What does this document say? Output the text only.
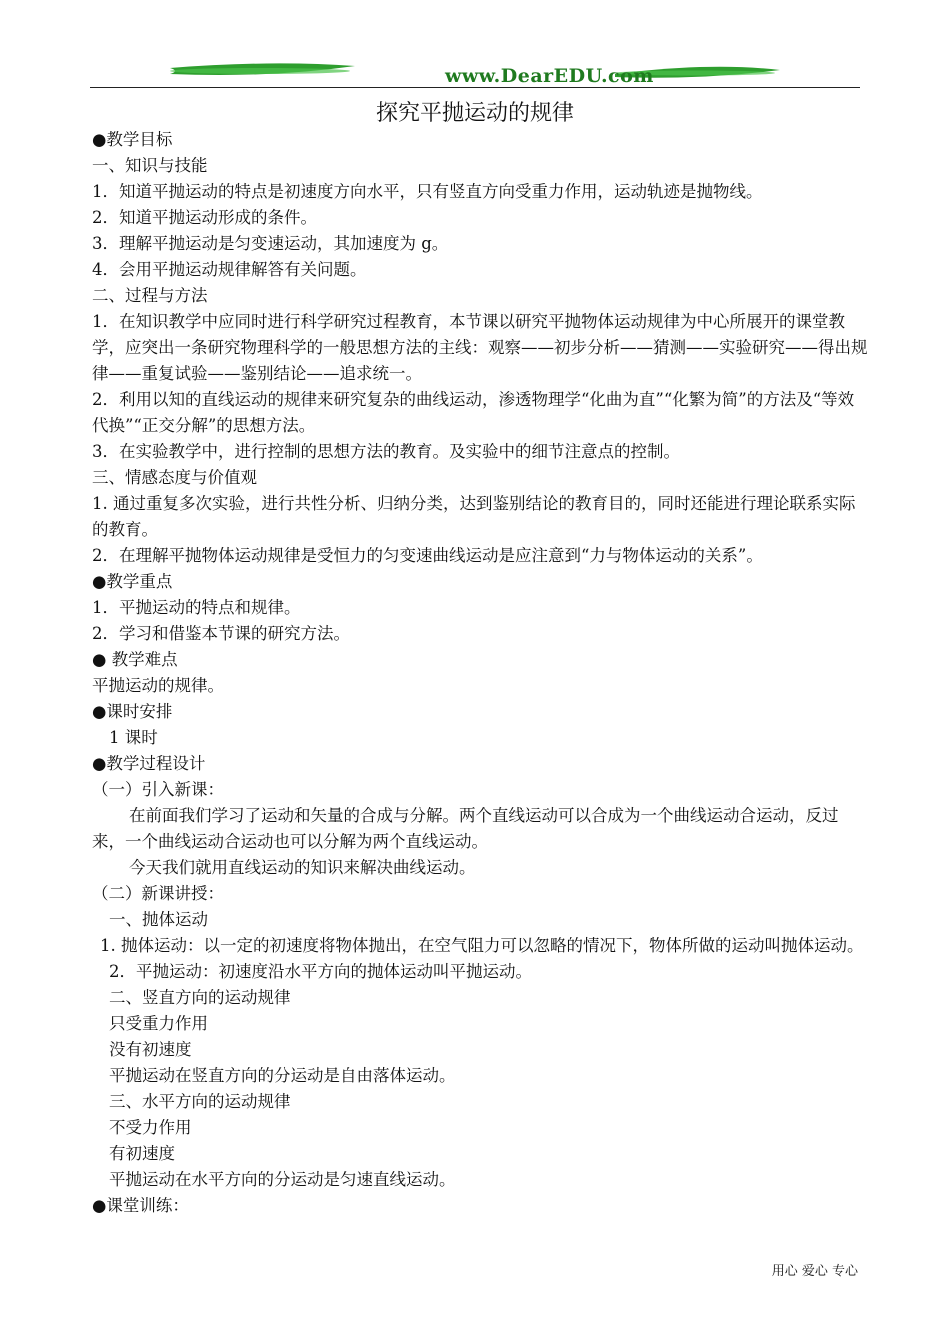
www.DearEDU.com
探究平抛运动的规律

●教学目标

一、知识与技能

1．知道平抛运动的特点是初速度方向水平，只有竖直方向受重力作用，运动轨迹是抛物线。

2．知道平抛运动形成的条件。

3．理解平抛运动是匀变速运动，其加速度为 g。

4．会用平抛运动规律解答有关问题。

二、过程与方法

1．在知识教学中应同时进行科学研究过程教育，本节课以研究平抛物体运动规律为中心所展开的课堂教学，应突出一条研究物理科学的一般思想方法的主线：观察——初步分析——猜测——实验研究——得出规律——重复试验——鉴别结论——追求统一。

2．利用以知的直线运动的规律来研究复杂的曲线运动，渗透物理学“化曲为直”“化繁为简”的方法及“等效代换”“正交分解”的思想方法。

3．在实验教学中，进行控制的思想方法的教育。及实验中的细节注意点的控制。

三、情感态度与价值观

1. 通过重复多次实验，进行共性分析、归纳分类，达到鉴别结论的教育目的，同时还能进行理论联系实际的教育。

2．在理解平抛物体运动规律是受恒力的匀变速曲线运动是应注意到“力与物体运动的关系”。

●教学重点

1．平抛运动的特点和规律。

2．学习和借鉴本节课的研究方法。

● 教学难点

平抛运动的规律。

●课时安排

1 课时

●教学过程设计

（一）引入新课：

在前面我们学习了运动和矢量的合成与分解。两个直线运动可以合成为一个曲线运动合运动，反过来，一个曲线运动合运动也可以分解为两个直线运动。

今天我们就用直线运动的知识来解决曲线运动。

（二）新课讲授：

一、抛体运动

1. 抛体运动：以一定的初速度将物体抛出，在空气阻力可以忽略的情况下，物体所做的运动叫抛体运动。

2．平抛运动：初速度沿水平方向的抛体运动叫平抛运动。

二、竖直方向的运动规律

只受重力作用

没有初速度

平抛运动在竖直方向的分运动是自由落体运动。

三、水平方向的运动规律

不受力作用

有初速度

平抛运动在水平方向的分运动是匀速直线运动。

●课堂训练：

用心 爱心 专心
